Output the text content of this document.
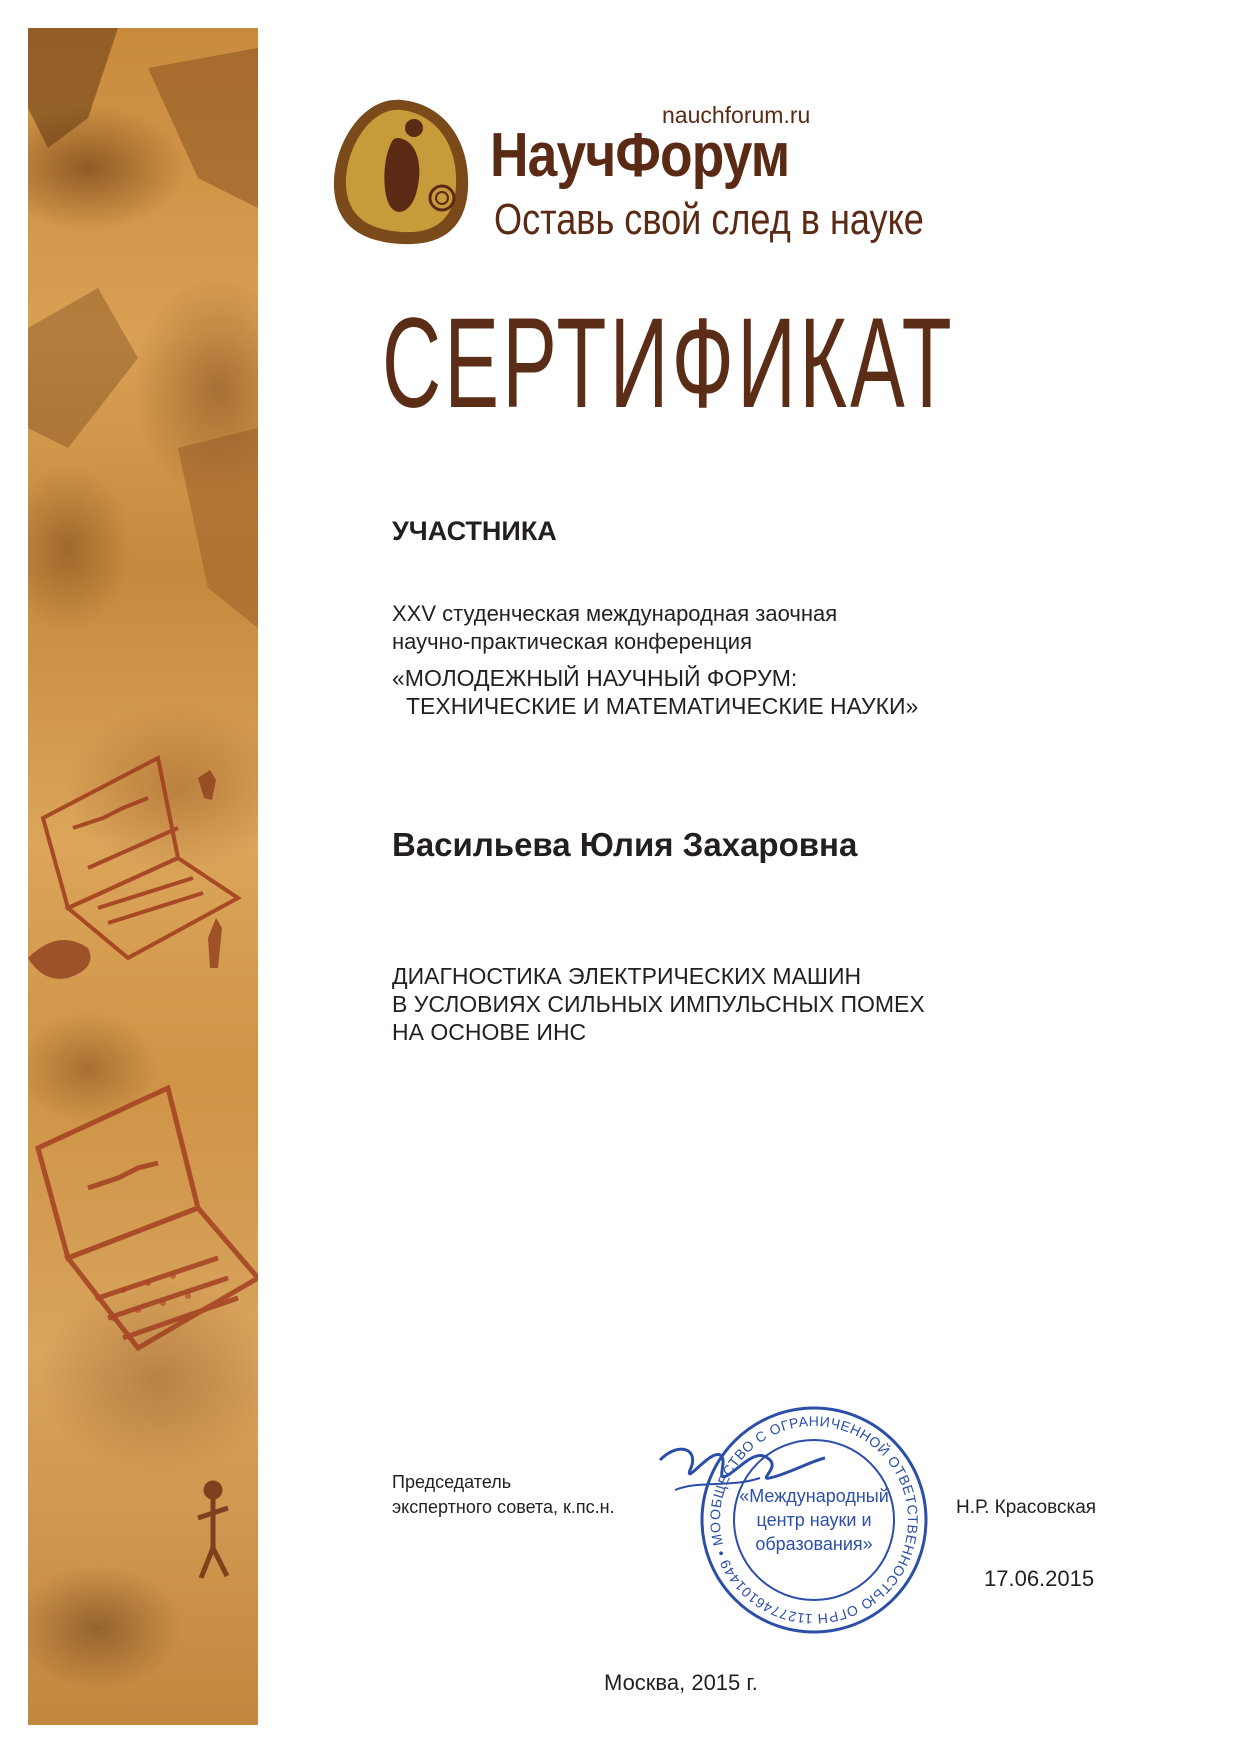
nauchforum.ru
НаучФорум
Оставь свой след в науке
СЕРТИФИКАТ
УЧАСТНИКА
XXV студенческая международная заочная
научно-практическая конференция
«МОЛОДЕЖНЫЙ НАУЧНЫЙ ФОРУМ:
ТЕХНИЧЕСКИЕ И МАТЕМАТИЧЕСКИЕ НАУКИ»
Васильева Юлия Захаровна
ДИАГНОСТИКА ЭЛЕКТРИЧЕСКИХ МАШИН
В УСЛОВИЯХ СИЛЬНЫХ ИМПУЛЬСНЫХ ПОМЕХ
НА ОСНОВЕ ИНС
Председатель
экспертного совета, к.пс.н.	ОБЩЕСТВО С ОГРАНИЧЕННОЙ ОТВЕТСТВЕННОСТЬЮ ОГРН 1127746101449 • МО
«Международный
центр науки и
образования»
Н.Р. Красовская
17.06.2015
Москва, 2015 г.
